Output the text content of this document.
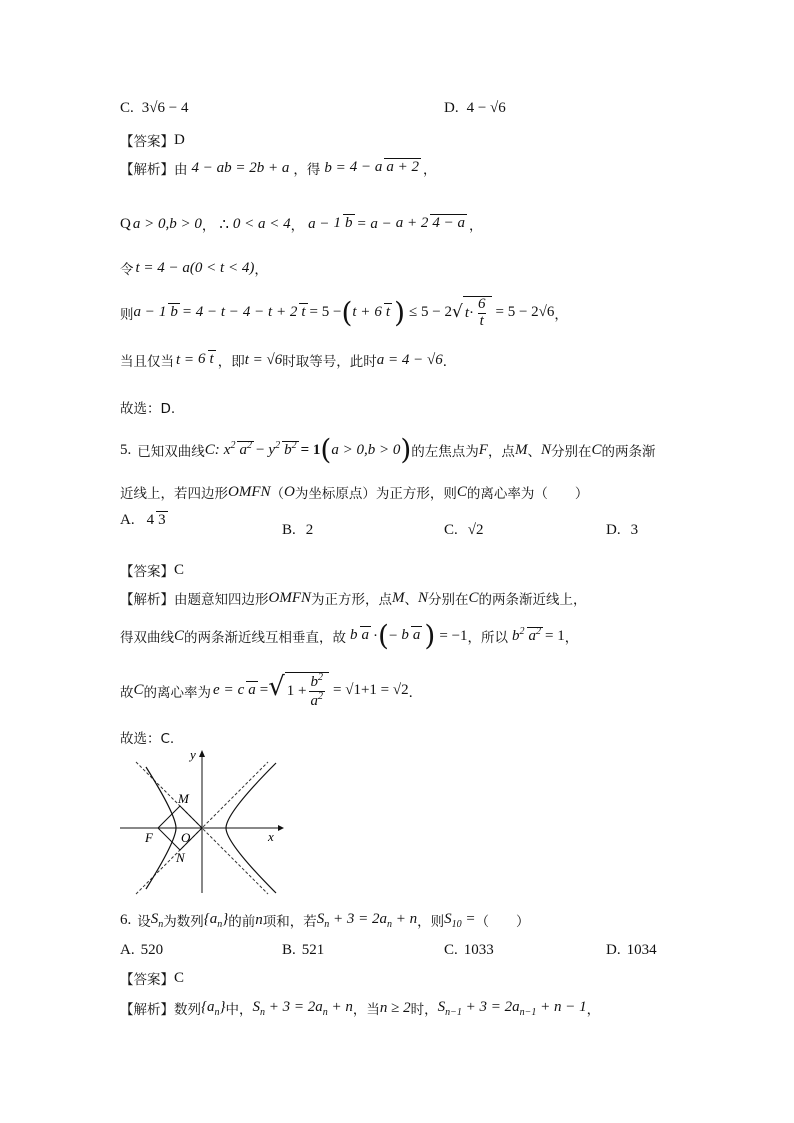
C. 3√6 − 4	D. 4 − √6
【答案】 D
【解析】 由 4 − ab = 2b + a ，得 b = 4 − a a + 2 ，
Q a > 0,b > 0 ， ∴ 0 < a < 4 ， a − 1 b = a − a + 2 4 − a ，
令 t = 4 − a(0 < t < 4) ，
则 a − 1 b = 4 − t − 4 − t + 2 t = 5 − ( t + 6 t ) ≤ 5 − 2 √ $t \cdot \frac{6}{t} = 5 - 2√6$ ，
当且仅当 t = 6 t ，即 t = √6 时取等号，此时 a = 4 − √6 ．
故选：D.
5. 已知双曲线 C: $x^2$ $a^2 - y^2$ $b^2 = 1$ ( a > 0,b > 0 ) 的左焦点为 F ，点 M 、 N 分别在 C 的两条渐
近线上，若四边形 OMFN （ O 为坐标原点）为正方形，则 C 的离心率为（　　）
A. 4 3
B. 2	C. √2	D. 3
【答案】 C
【解析】 由题意知四边形 OMFN 为正方形，点 M 、 N 分别在 C 的两条渐近线上，
得双曲线 C 的两条渐近线互相垂直，故 b a · ( − b a ) = −1 ，所以 $b^2$ $a^2 = 1$ ，
故 C 的离心率为 e = c a = √ $1 + \frac{b^2}{a^2} = √1+1 = √2$ ．
故选：C.
y
x
M
N
F O
6. 设 $S_n$ 为数列 $\{a_n\}$ 的前 n 项和，若 $S_n + 3 = 2a_n + n$ ，则 $S_{10}$ = （　　）
A. 520	B. 521	C. 1033	D. 1034
【答案】 C
【解析】 数列 $\{a_n\}$ 中， $S_n + 3 = 2a_n + n$ ，当 n ≥ 2 时， $S_{n-1} + 3 = 2a_{n-1} + n - 1$ ，
